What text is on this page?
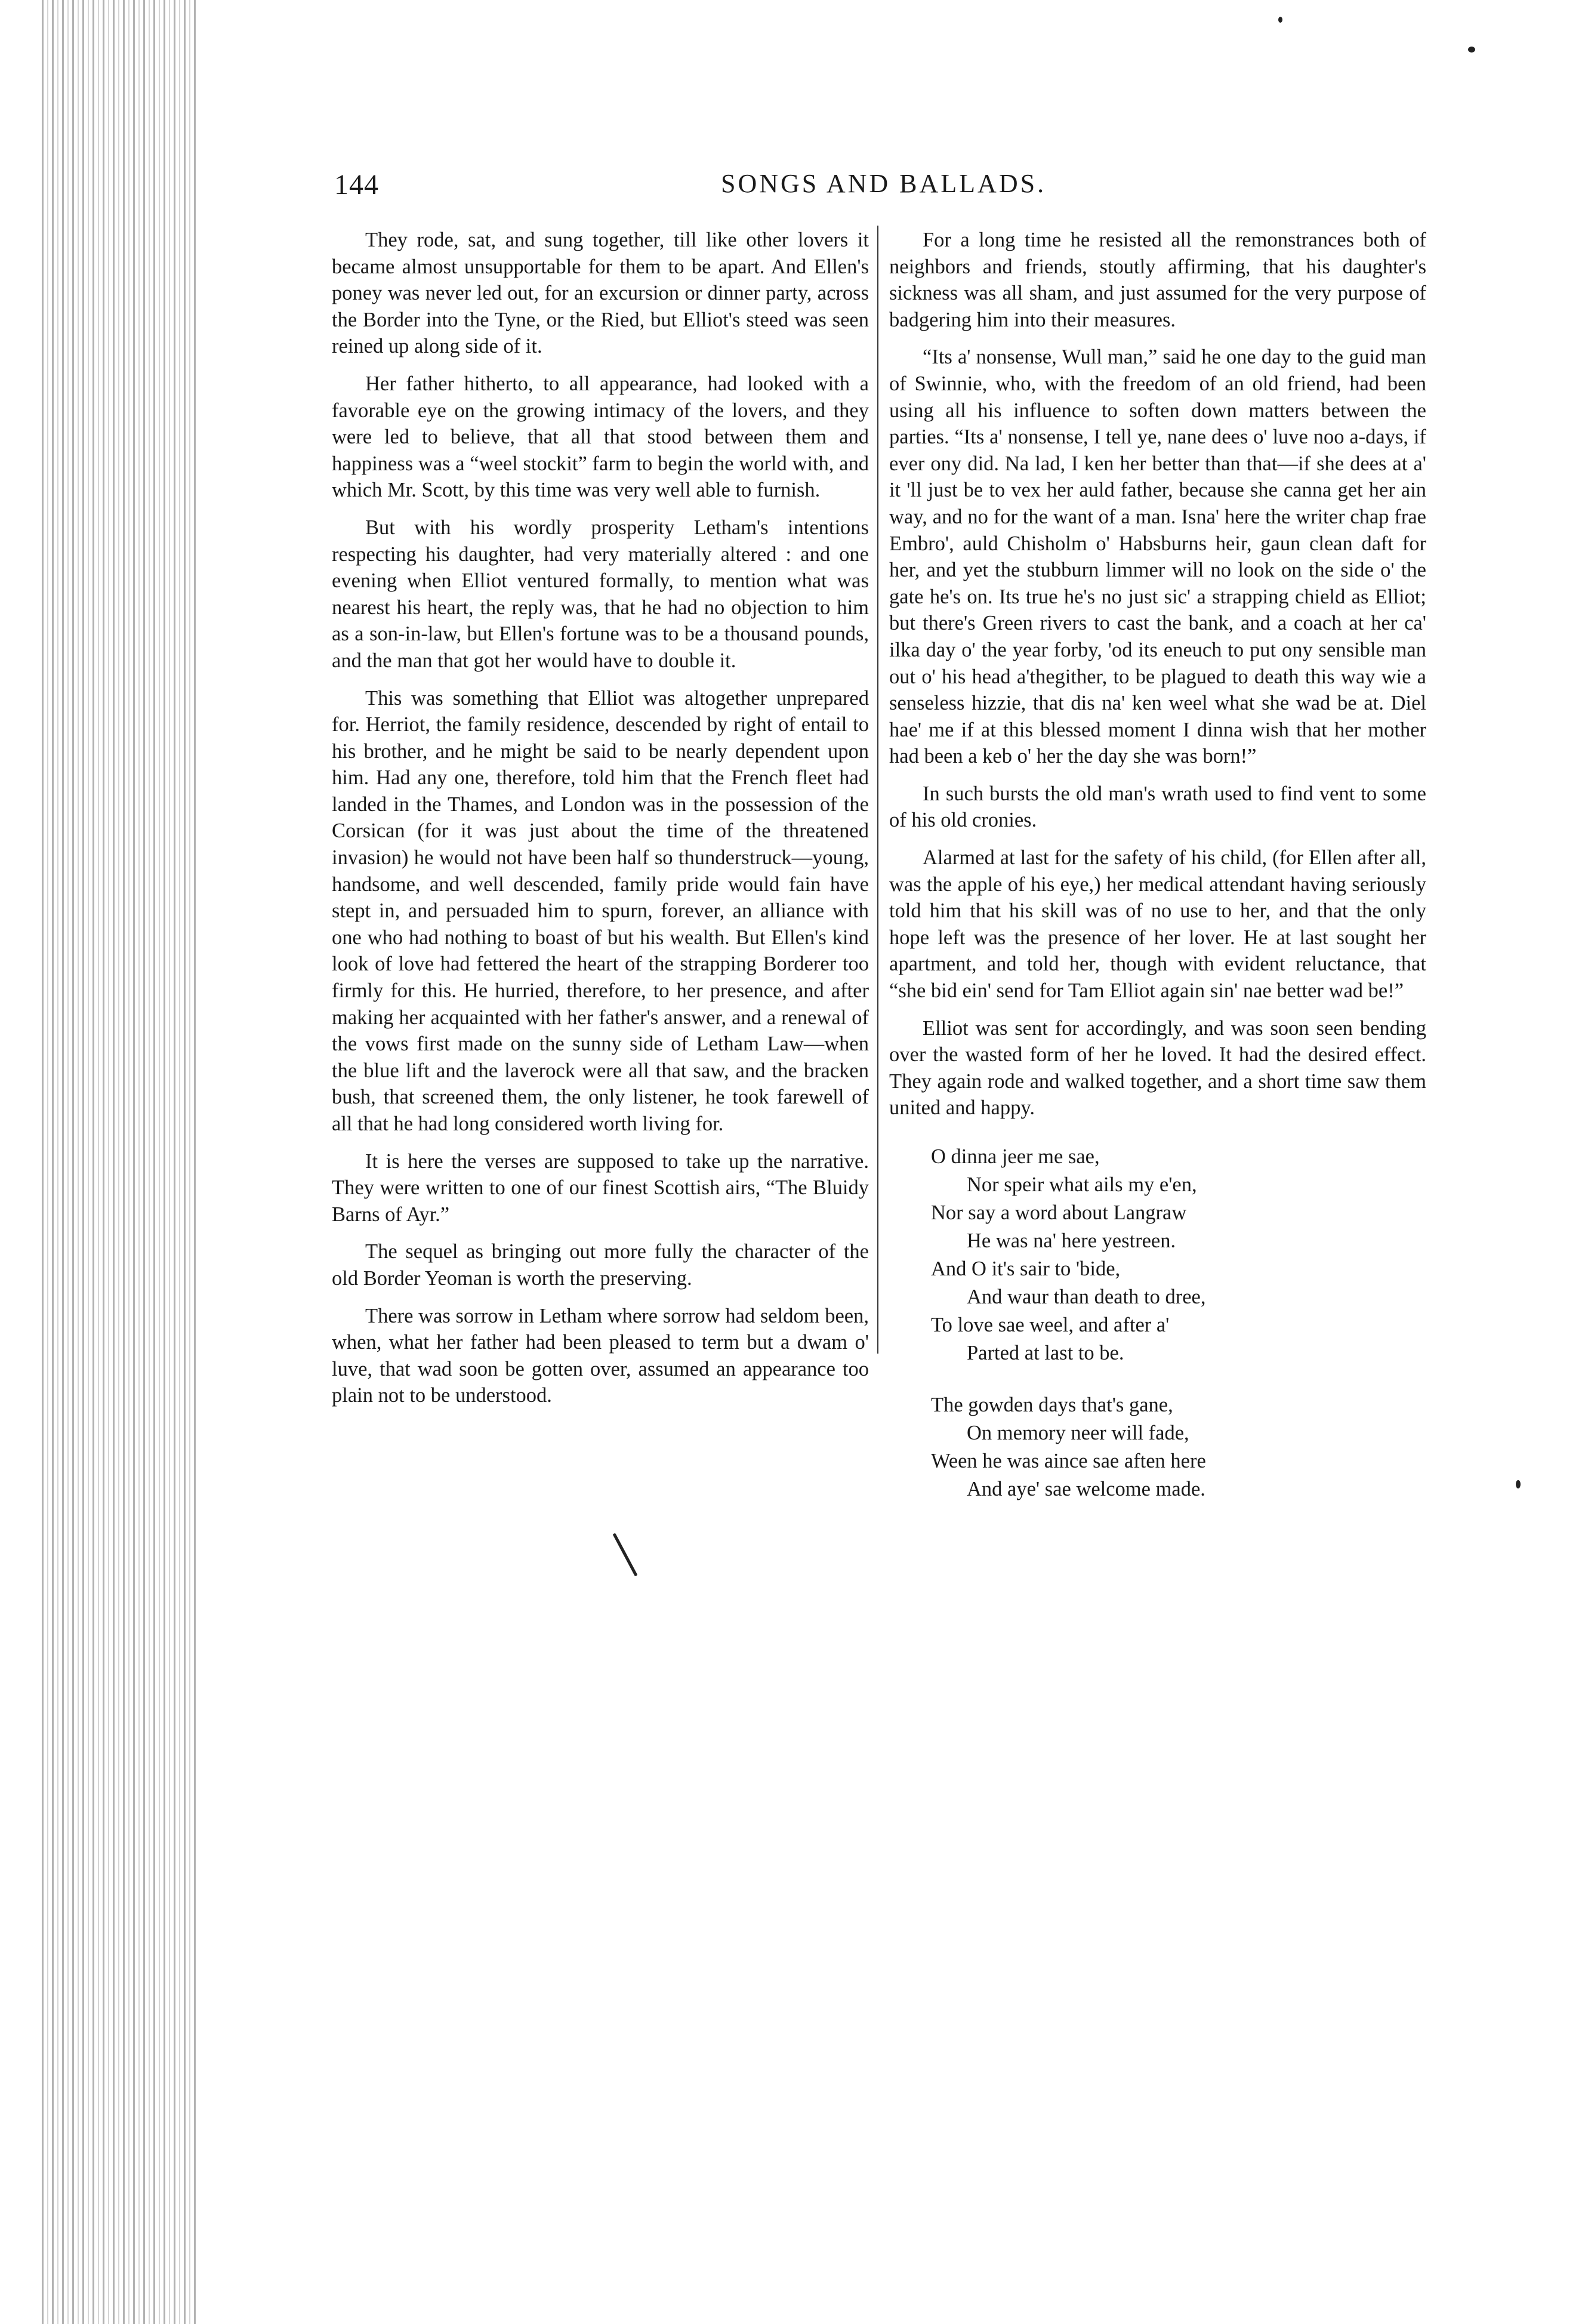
144	SONGS AND BALLADS.

They rode, sat, and sung together, till like other lovers it became almost unsupportable for them to be apart. And Ellen's poney was never led out, for an excursion or dinner party, across the Border into the Tyne, or the Ried, but Elliot's steed was seen reined up along side of it.

Her father hitherto, to all appearance, had looked with a favorable eye on the growing intimacy of the lovers, and they were led to believe, that all that stood between them and happiness was a “weel stockit” farm to begin the world with, and which Mr. Scott, by this time was very well able to furnish.

But with his wordly prosperity Letham's intentions respecting his daughter, had very materially altered : and one evening when Elliot ventured formally, to mention what was nearest his heart, the reply was, that he had no objection to him as a son-in-law, but Ellen's fortune was to be a thousand pounds, and the man that got her would have to double it.

This was something that Elliot was altogether unprepared for. Herriot, the family residence, descended by right of entail to his brother, and he might be said to be nearly dependent upon him. Had any one, therefore, told him that the French fleet had landed in the Thames, and London was in the possession of the Corsican (for it was just about the time of the threatened invasion) he would not have been half so thunderstruck—young, handsome, and well descended, family pride would fain have stept in, and persuaded him to spurn, forever, an alliance with one who had nothing to boast of but his wealth. But Ellen's kind look of love had fettered the heart of the strapping Borderer too firmly for this. He hurried, therefore, to her presence, and after making her acquainted with her father's answer, and a renewal of the vows first made on the sunny side of Letham Law—when the blue lift and the laverock were all that saw, and the bracken bush, that screened them, the only listener, he took farewell of all that he had long considered worth living for.

It is here the verses are supposed to take up the narrative. They were written to one of our finest Scottish airs, “The Bluidy Barns of Ayr.”

The sequel as bringing out more fully the character of the old Border Yeoman is worth the preserving.

There was sorrow in Letham where sorrow had seldom been, when, what her father had been pleased to term but a dwam o' luve, that wad soon be gotten over, assumed an appearance too plain not to be understood.

For a long time he resisted all the remonstrances both of neighbors and friends, stoutly affirming, that his daughter's sickness was all sham, and just assumed for the very purpose of badgering him into their measures.

“Its a' nonsense, Wull man,” said he one day to the guid man of Swinnie, who, with the freedom of an old friend, had been using all his influence to soften down matters between the parties. “Its a' nonsense, I tell ye, nane dees o' luve noo a-days, if ever ony did. Na lad, I ken her better than that—if she dees at a' it 'll just be to vex her auld father, because she canna get her ain way, and no for the want of a man. Isna' here the writer chap frae Embro', auld Chisholm o' Habsburns heir, gaun clean daft for her, and yet the stubburn limmer will no look on the side o' the gate he's on. Its true he's no just sic' a strapping chield as Elliot; but there's Green rivers to cast the bank, and a coach at her ca' ilka day o' the year forby, 'od its eneuch to put ony sensible man out o' his head a'thegither, to be plagued to death this way wie a senseless hizzie, that dis na' ken weel what she wad be at. Diel hae' me if at this blessed moment I dinna wish that her mother had been a keb o' her the day she was born!”

In such bursts the old man's wrath used to find vent to some of his old cronies.

Alarmed at last for the safety of his child, (for Ellen after all, was the apple of his eye,) her medical attendant having seriously told him that his skill was of no use to her, and that the only hope left was the presence of her lover. He at last sought her apartment, and told her, though with evident reluctance, that “she bid ein' send for Tam Elliot again sin' nae better wad be!”

Elliot was sent for accordingly, and was soon seen bending over the wasted form of her he loved. It had the desired effect. They again rode and walked together, and a short time saw them united and happy.

O dinna jeer me sae,
Nor speir what ails my e'en,
Nor say a word about Langraw
He was na' here yestreen.
And O it's sair to 'bide,
And waur than death to dree,
To love sae weel, and after a'
Parted at last to be.
The gowden days that's gane,
On memory neer will fade,
Ween he was aince sae aften here
And aye' sae welcome made.
